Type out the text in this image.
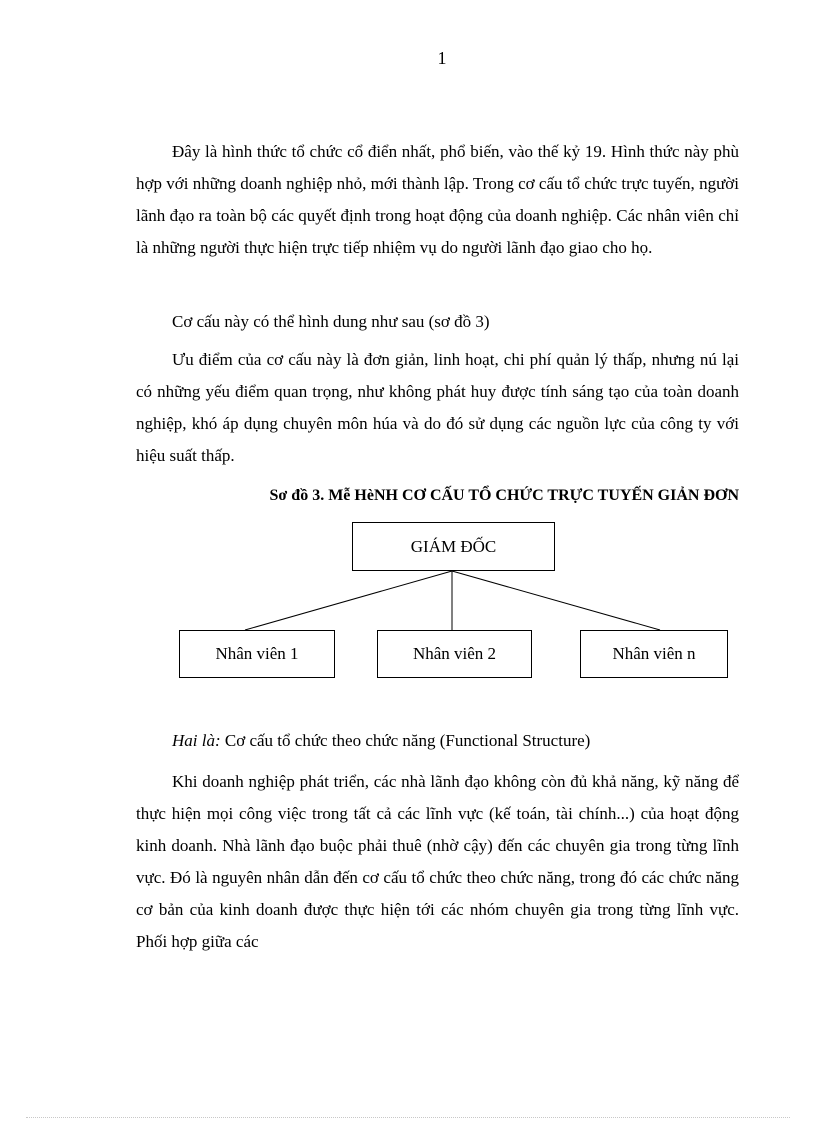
1

Đây là hình thức tổ chức cổ điển nhất, phổ biến, vào thế kỷ 19. Hình thức này phù hợp với những doanh nghiệp nhỏ, mới thành lập. Trong cơ cấu tổ chức trực tuyến, người lãnh đạo ra toàn bộ các quyết định trong hoạt động của doanh nghiệp. Các nhân viên chỉ là những người thực hiện trực tiếp nhiệm vụ do người lãnh đạo giao cho họ.

Cơ cấu này có thể hình dung như sau (sơ đồ 3)

Ưu điểm của cơ cấu này là đơn giản, linh hoạt, chi phí quản lý thấp, nhưng nú lại có những yếu điểm quan trọng, như không phát huy được tính sáng tạo của toàn doanh nghiệp, khó áp dụng chuyên môn húa và do đó sử dụng các nguồn lực của công ty với hiệu suất thấp.

Sơ đồ 3. Mễ HèNH CƠ CẤU TỔ CHỨC TRỰC TUYẾN GIẢN ĐƠN

GIÁM ĐỐC
Nhân viên 1	Nhân viên 2	Nhân viên n

Hai là: Cơ cấu tổ chức theo chức năng (Functional Structure)

Khi doanh nghiệp phát triển, các nhà lãnh đạo không còn đủ khả năng, kỹ năng để thực hiện mọi công việc trong tất cả các lĩnh vực (kế toán, tài chính...) của hoạt động kinh doanh. Nhà lãnh đạo buộc phải thuê (nhờ cậy) đến các chuyên gia trong từng lĩnh vực. Đó là nguyên nhân dẫn đến cơ cấu tổ chức theo chức năng, trong đó các chức năng cơ bản của kinh doanh được thực hiện tới các nhóm chuyên gia trong từng lĩnh vực. Phối hợp giữa các
